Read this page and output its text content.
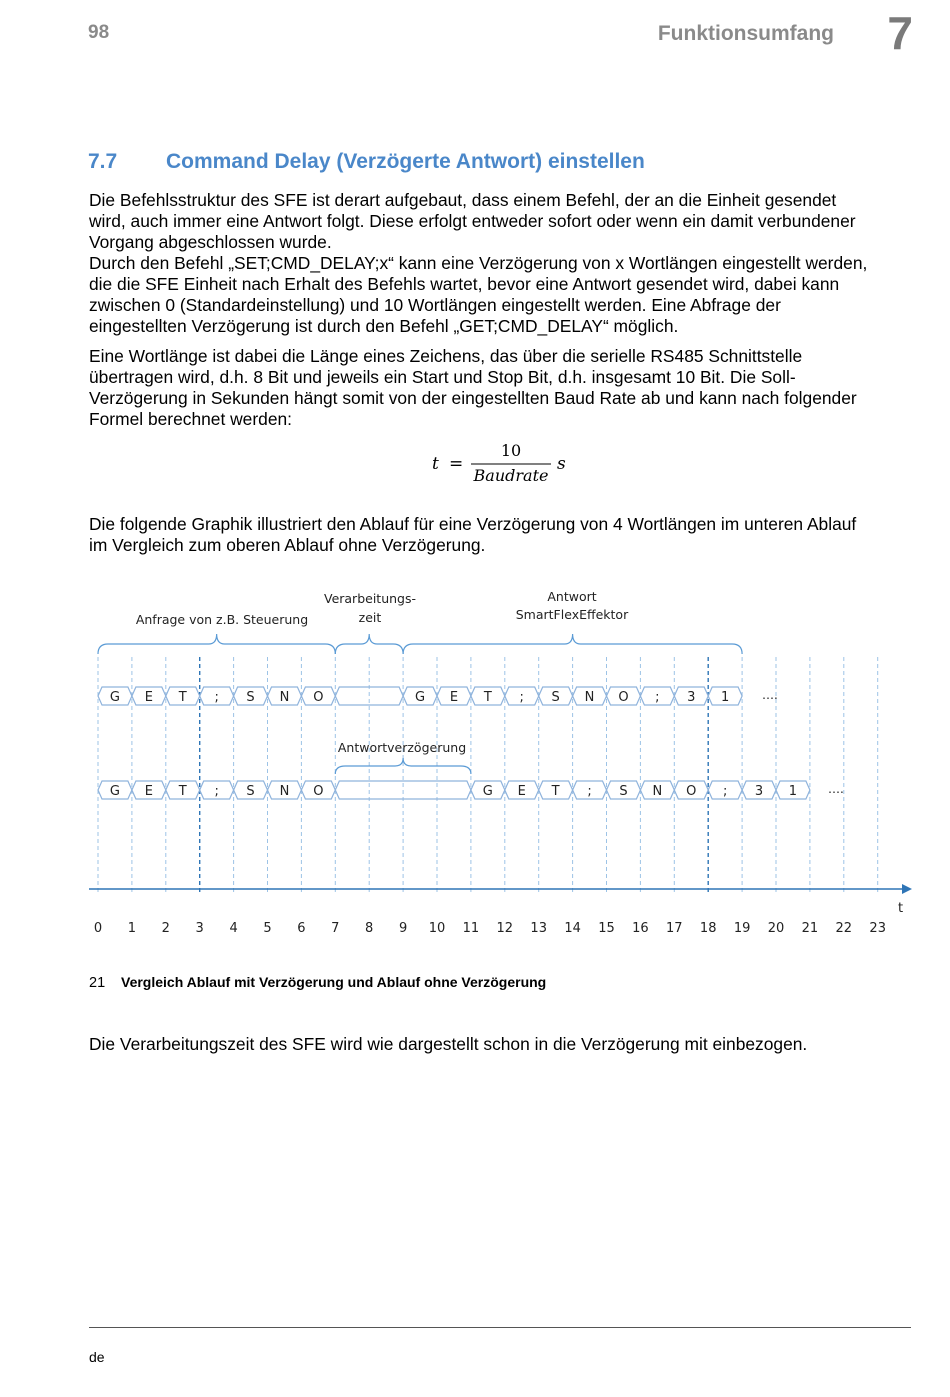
98	Funktionsumfang 7
7.7 Command Delay (Verzögerte Antwort) einstellen
Die Befehlsstruktur des SFE ist derart aufgebaut, dass einem Befehl, der an die Einheit gesendet
wird, auch immer eine Antwort folgt. Diese erfolgt entweder sofort oder wenn ein damit verbundener
Vorgang abgeschlossen wurde.
Durch den Befehl „SET;CMD_DELAY;x“ kann eine Verzögerung von x Wortlängen eingestellt werden,
die die SFE Einheit nach Erhalt des Befehls wartet, bevor eine Antwort gesendet wird, dabei kann
zwischen 0 (Standardeinstellung) und 10 Wortlängen eingestellt werden. Eine Abfrage der
eingestellten Verzögerung ist durch den Befehl „GET;CMD_DELAY“ möglich.
Eine Wortlänge ist dabei die Länge eines Zeichens, das über die serielle RS485 Schnittstelle
übertragen wird, d.h. 8 Bit und jeweils ein Start und Stop Bit, d.h. insgesamt 10 Bit. Die Soll-
Verzögerung in Sekunden hängt somit von der eingestellten Baud Rate ab und kann nach folgender
Formel berechnet werden:
t =
10
Baudrate
s
Die folgende Graphik illustriert den Ablauf für eine Verzögerung von 4 Wortlängen im unteren Ablauf
im Vergleich zum oberen Ablauf ohne Verzögerung.
G E T ; S N O	G E T ; S N O ; 3 1	….
G E T ; S N O	G E T ; S N O ; 3 1	….
t
0 1 2 3 4 5 6 7 8 9 10 11 12 13 14 15 16 17 18 19 20 21 22 23
Anfrage von z.B. Steuerung
Verarbeitungs-
zeit
Antwort
SmartFlexEffektor
Antwortverzögerung
21 Vergleich Ablauf mit Verzögerung und Ablauf ohne Verzögerung
Die Verarbeitungszeit des SFE wird wie dargestellt schon in die Verzögerung mit einbezogen.
de
